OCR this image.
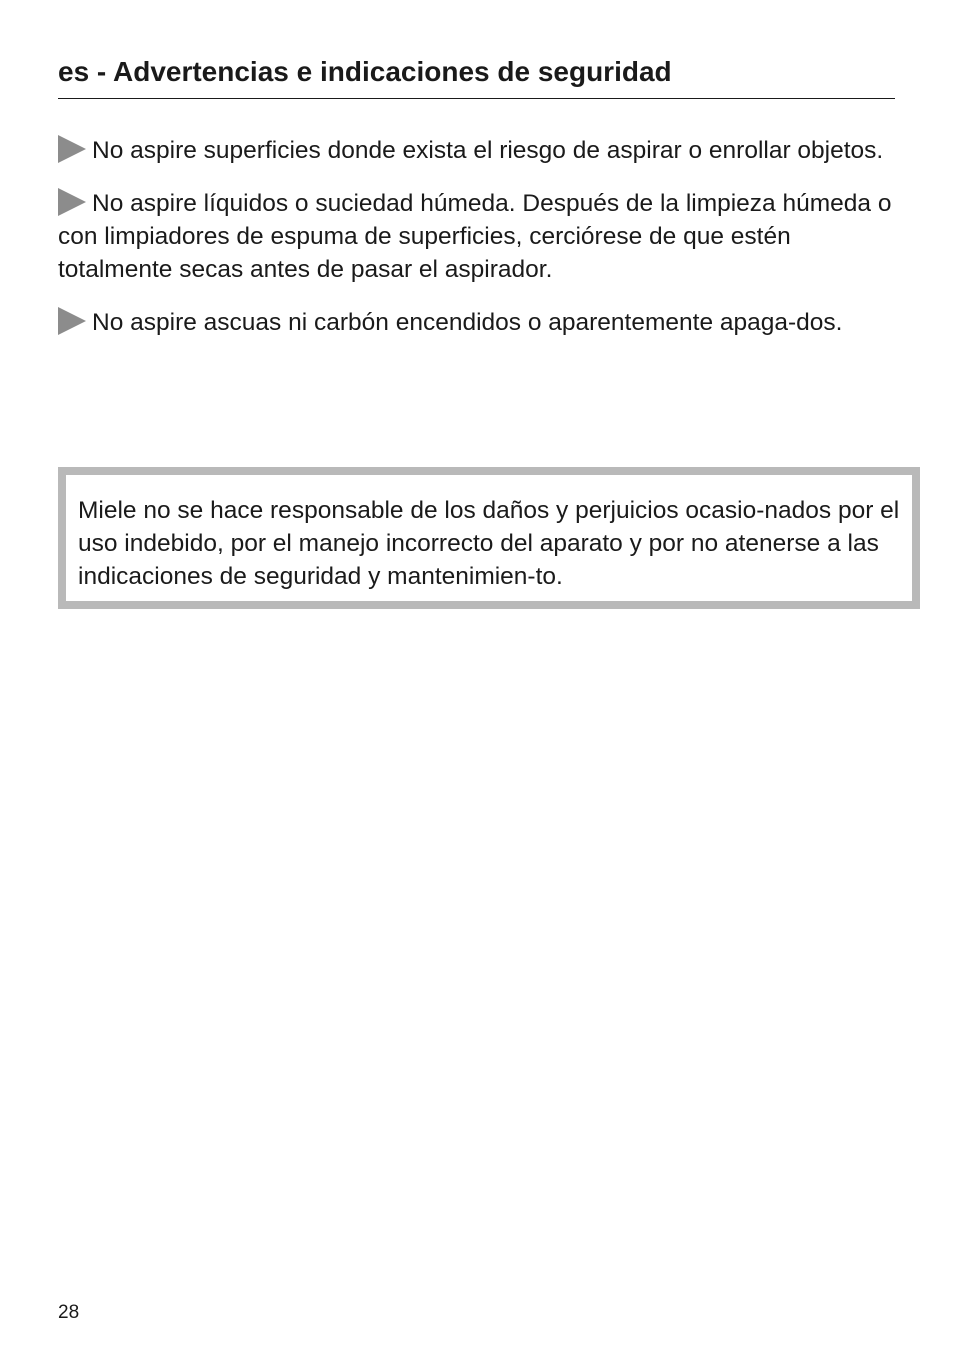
es - Advertencias e indicaciones de seguridad

No aspire superficies donde exista el riesgo de aspirar o enrollar objetos.

No aspire líquidos o suciedad húmeda. Después de la limpieza húmeda o con limpiadores de espuma de superficies, cerciórese de que estén totalmente secas antes de pasar el aspirador.

No aspire ascuas ni carbón encendidos o aparentemente apaga-dos.

Miele no se hace responsable de los daños y perjuicios ocasio-nados por el uso indebido, por el manejo incorrecto del aparato y por no atenerse a las indicaciones de seguridad y mantenimien-to.

28
